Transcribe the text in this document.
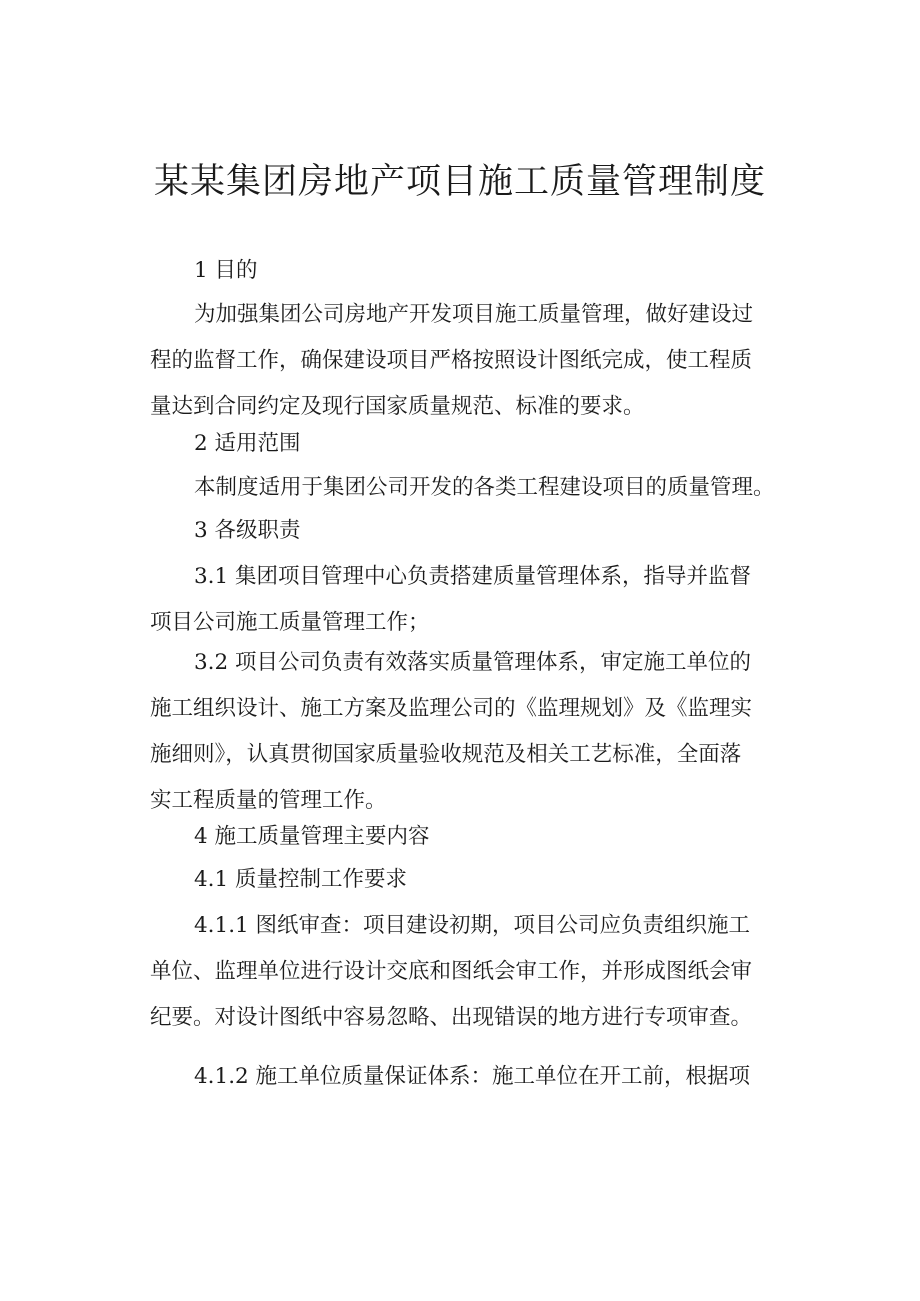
某某集团房地产项目施工质量管理制度
1 目的
为加强集团公司房地产开发项目施工质量管理，做好建设过
程的监督工作，确保建设项目严格按照设计图纸完成，使工程质
量达到合同约定及现行国家质量规范、标准的要求。
2 适用范围
本制度适用于集团公司开发的各类工程建设项目的质量管理。
3 各级职责
3.1 集团项目管理中心负责搭建质量管理体系，指导并监督
项目公司施工质量管理工作；
3.2 项目公司负责有效落实质量管理体系，审定施工单位的
施工组织设计、施工方案及监理公司的《监理规划》及《监理实
施细则》，认真贯彻国家质量验收规范及相关工艺标准，全面落
实工程质量的管理工作。
4 施工质量管理主要内容
4.1 质量控制工作要求
4.1.1 图纸审查：项目建设初期，项目公司应负责组织施工
单位、监理单位进行设计交底和图纸会审工作，并形成图纸会审
纪要。对设计图纸中容易忽略、出现错误的地方进行专项审查。
4.1.2 施工单位质量保证体系：施工单位在开工前，根据项
